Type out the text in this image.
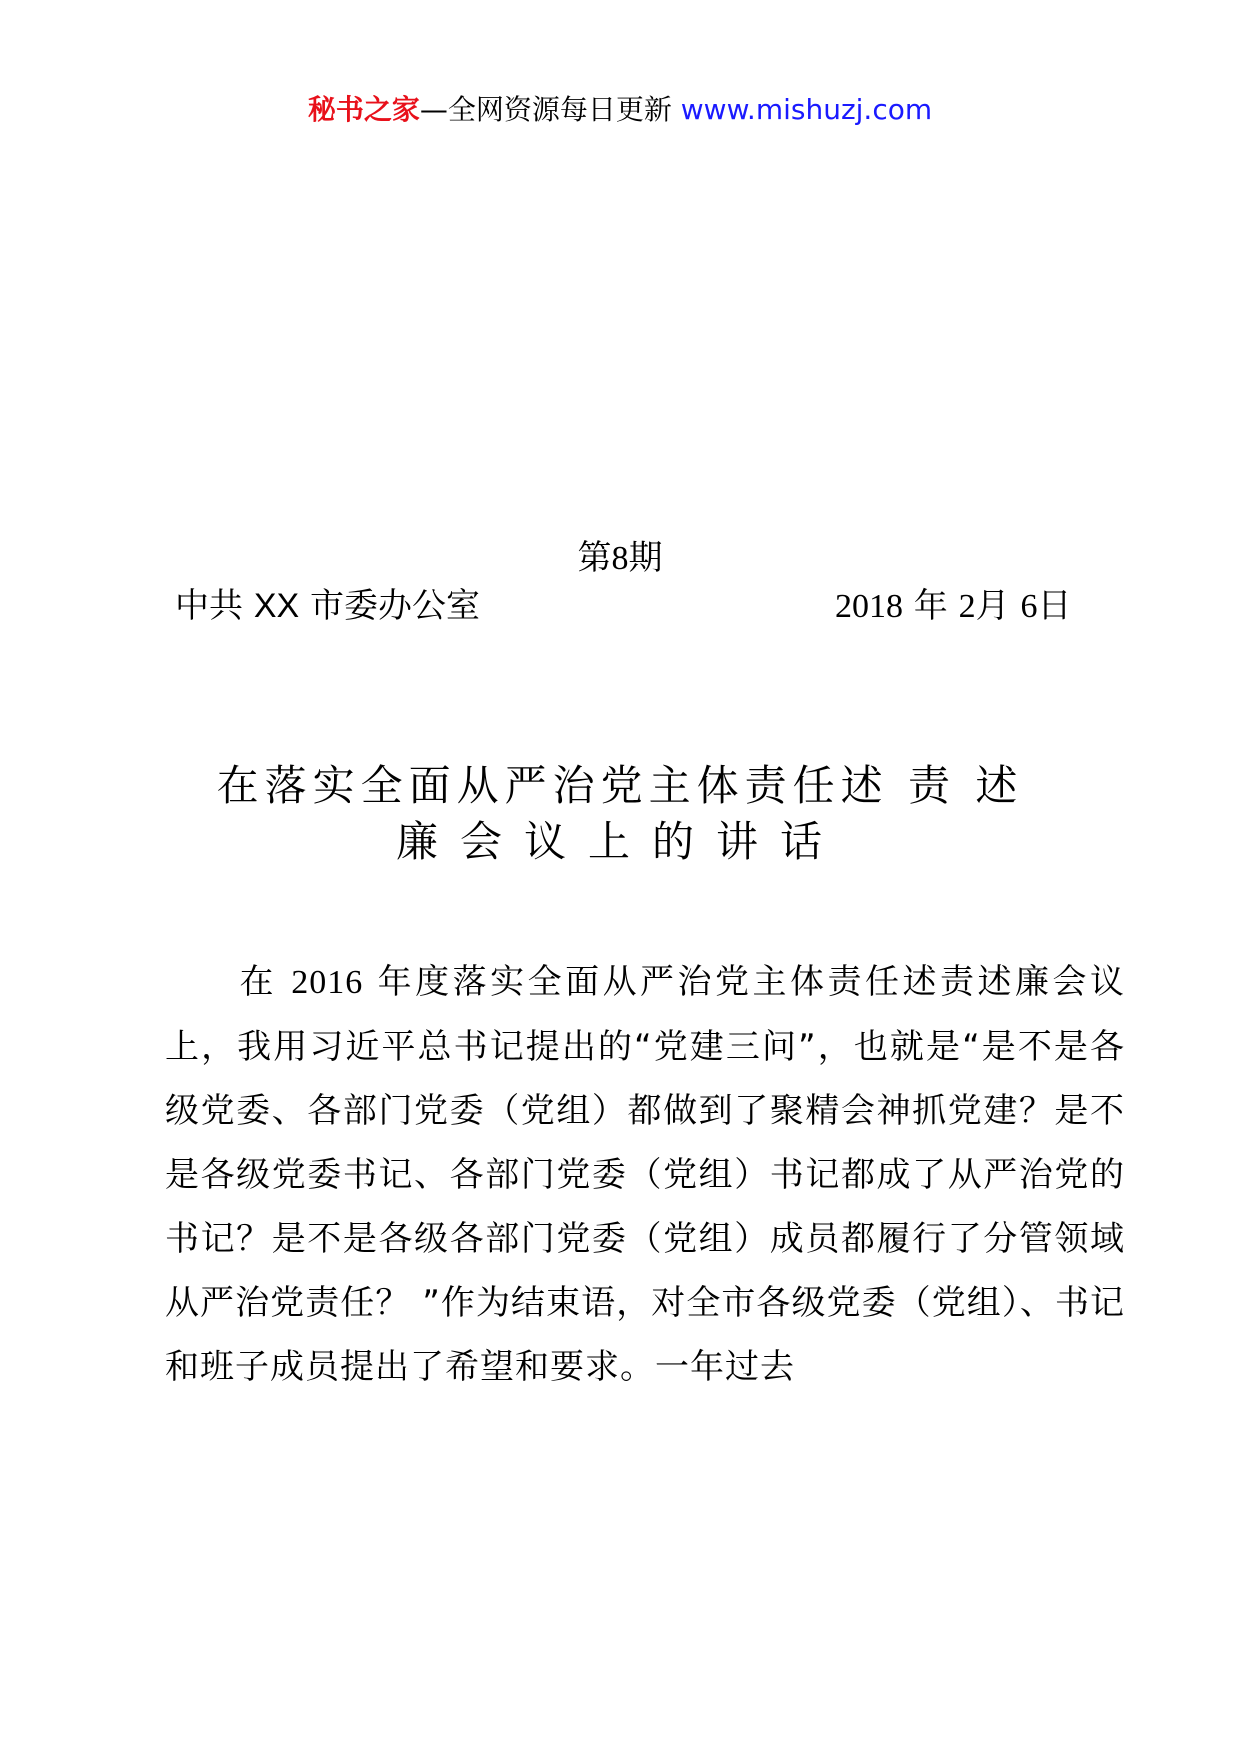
秘书之家—全网资源每日更新 www.mishuzj.com
第8期
中共 XX 市委办公室	2018 年 2月 6日
在落实全面从严治党主体责任述 责 述
廉会议上的讲话
在 2016 年度落实全面从严治党主体责任述责述廉会议上，我用习近平总书记提出的“党建三问”，也就是“是不是各级党委、各部门党委（党组）都做到了聚精会神抓党建？是不是各级党委书记、各部门党委（党组）书记都成了从严治党的书记？是不是各级各部门党委（党组）成员都履行了分管领域从严治党责任？ ”作为结束语，对全市各级党委（党组）、书记和班子成员提出了希望和要求。一年过去
